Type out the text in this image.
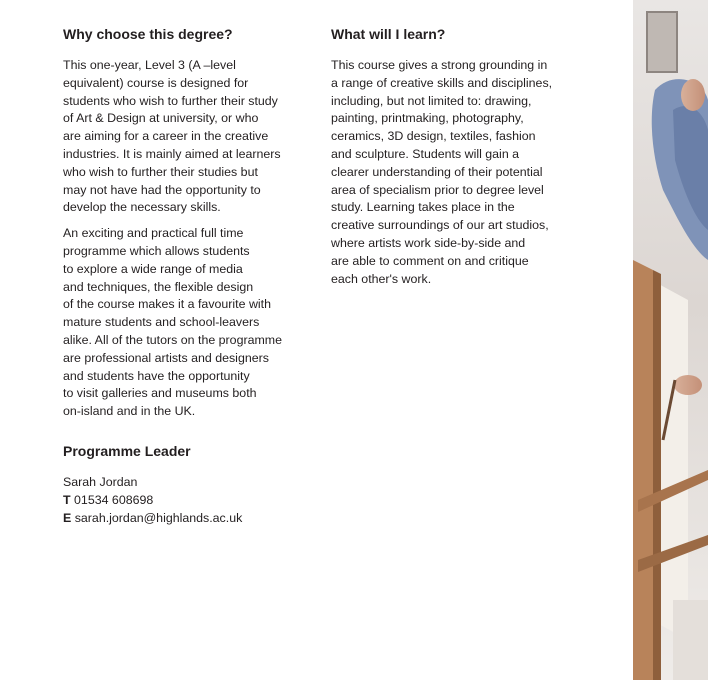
Why choose this degree?

This one-year, Level 3 (A –level
equivalent) course is designed for
students who wish to further their study
of Art & Design at university, or who
are aiming for a career in the creative
industries. It is mainly aimed at learners
who wish to further their studies but
may not have had the opportunity to
develop the necessary skills.

An exciting and practical full time
programme which allows students
to explore a wide range of media
and techniques, the flexible design
of the course makes it a favourite with
mature students and school-leavers
alike. All of the tutors on the programme
are professional artists and designers
and students have the opportunity
to visit galleries and museums both
on-island and in the UK.

Programme Leader
Sarah Jordan
T 01534 608698
E sarah.jordan@highlands.ac.uk
What will I learn?

This course gives a strong grounding in
a range of creative skills and disciplines,
including, but not limited to: drawing,
painting, printmaking, photography,
ceramics, 3D design, textiles, fashion
and sculpture. Students will gain a
clearer understanding of their potential
area of specialism prior to degree level
study. Learning takes place in the
creative surroundings of our art studios,
where artists work side-by-side and
are able to comment on and critique
each other's work.
